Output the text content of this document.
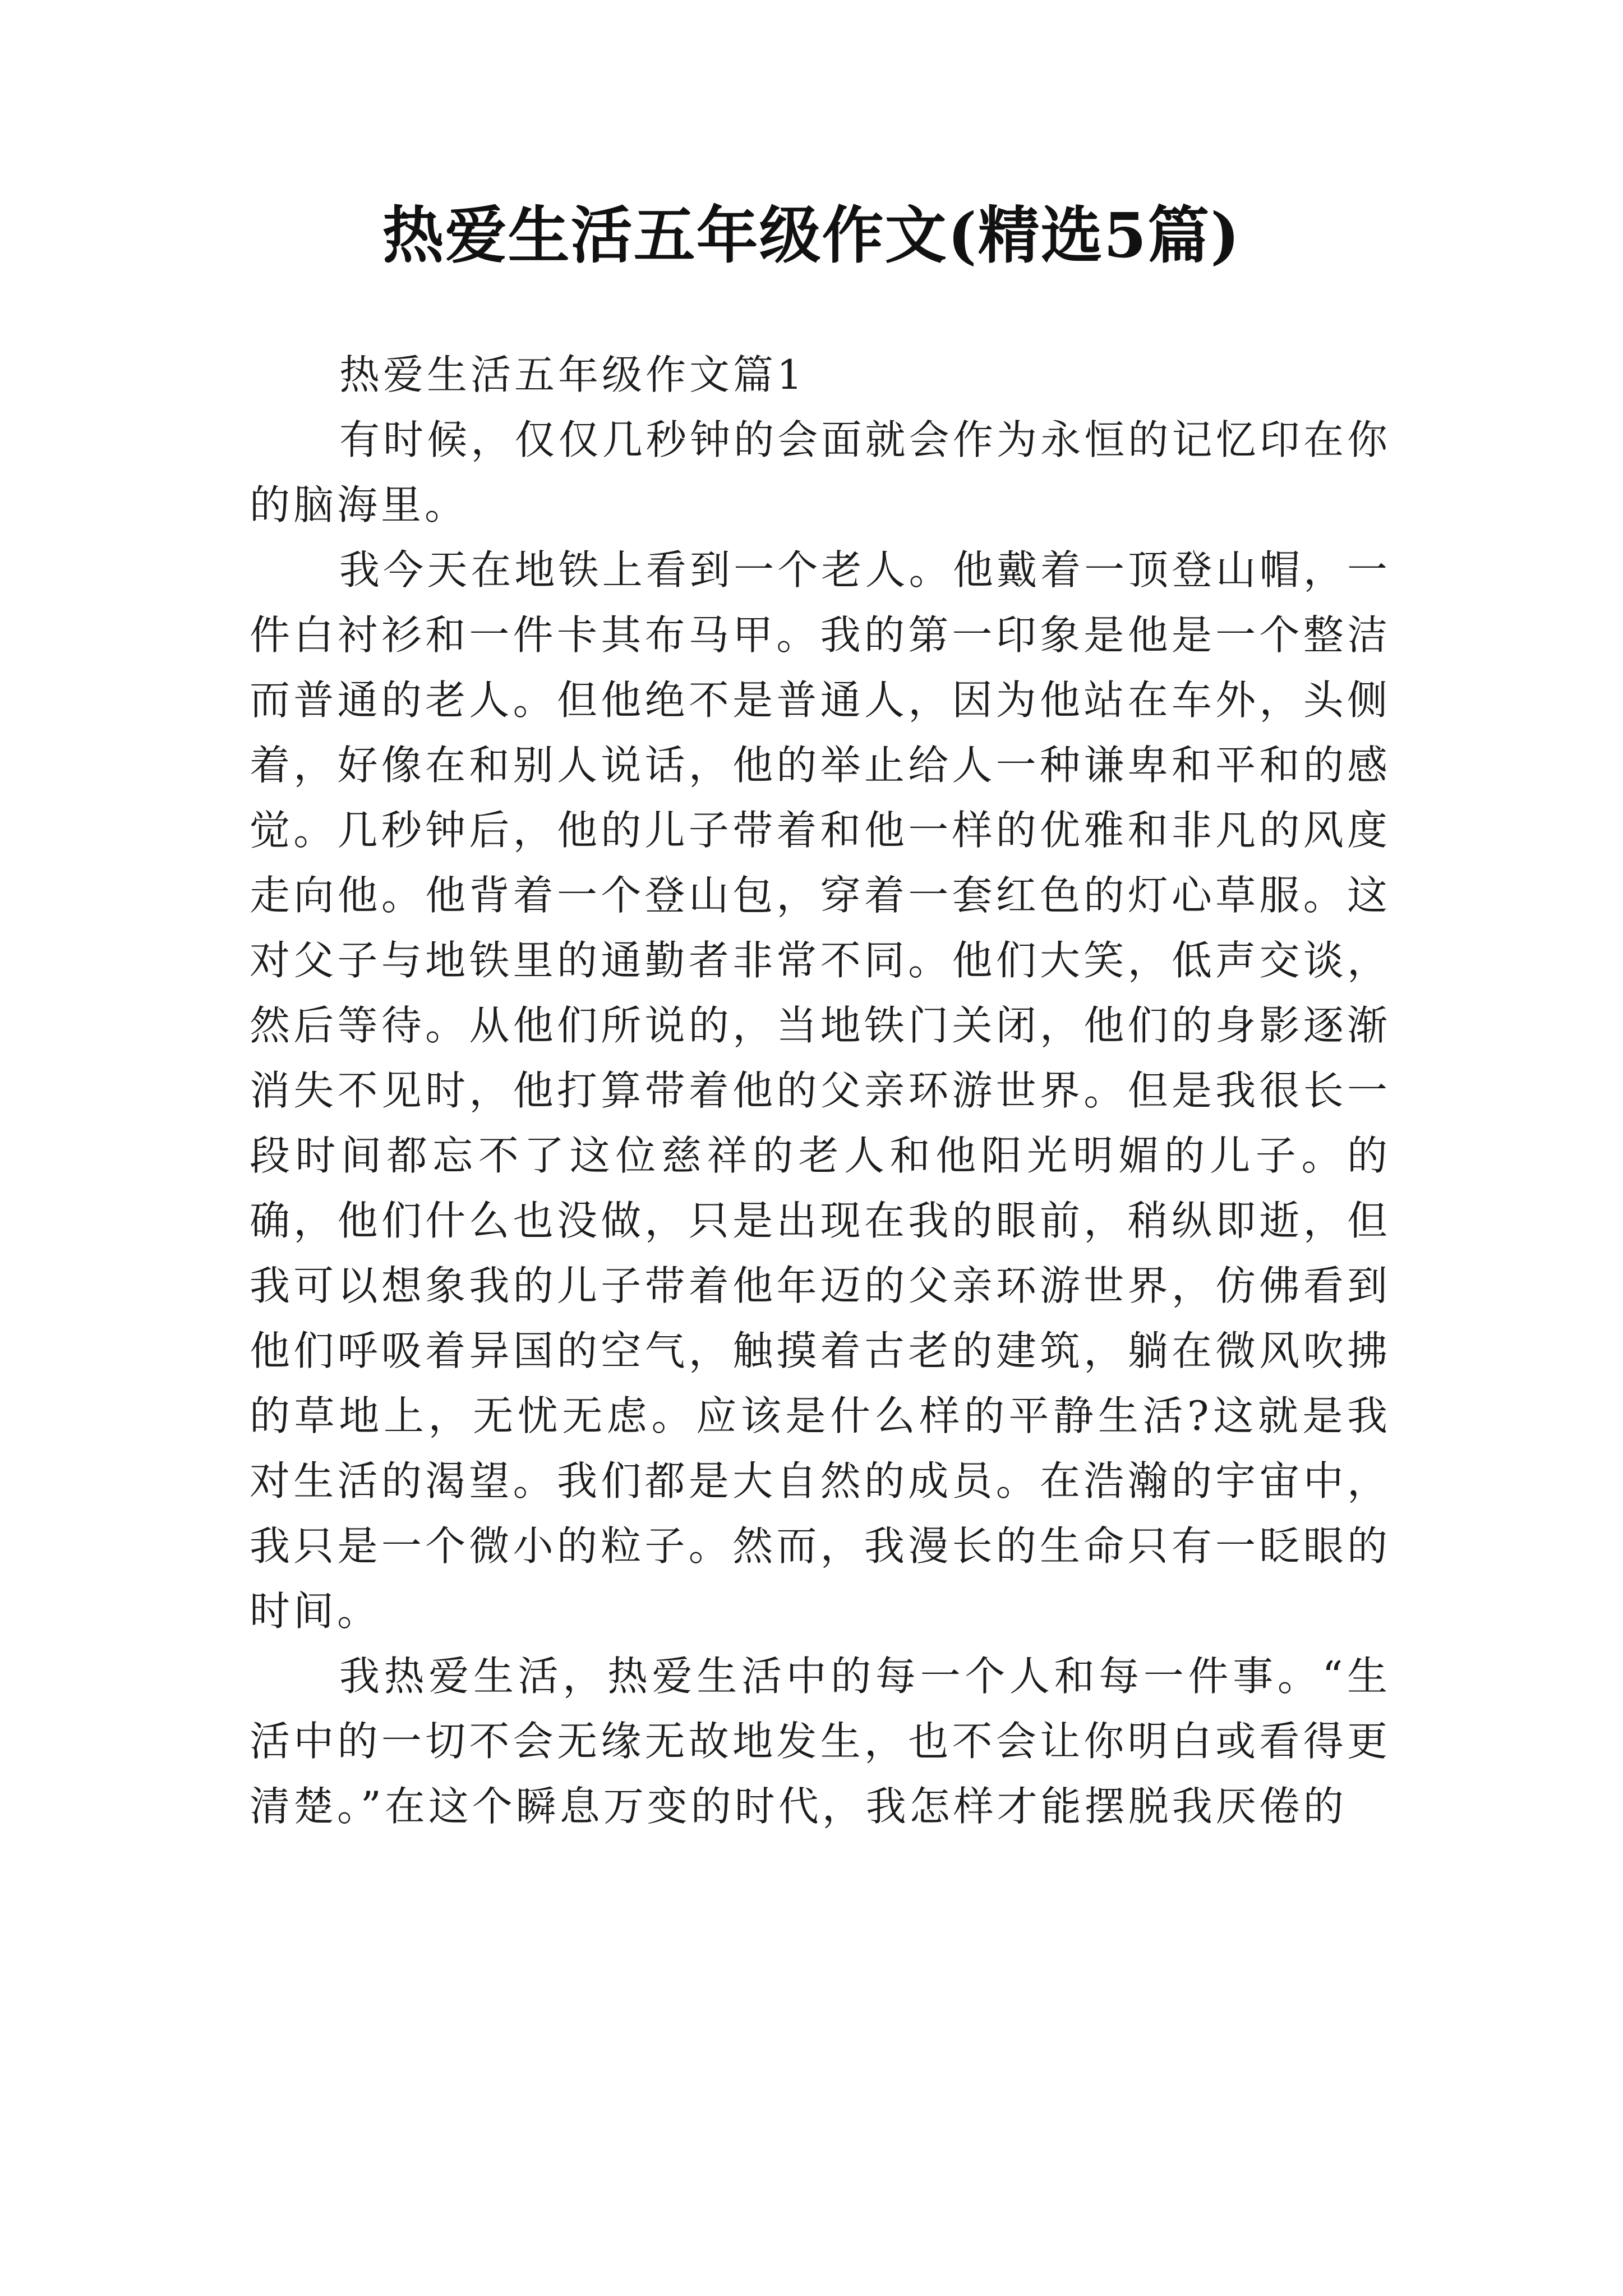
热爱生活五年级作文(精选5篇)

热爱生活五年级作文篇1

有时候，仅仅几秒钟的会面就会作为永恒的记忆印在你的脑海里。

我今天在地铁上看到一个老人。他戴着一顶登山帽，一件白衬衫和一件卡其布马甲。我的第一印象是他是一个整洁而普通的老人。但他绝不是普通人，因为他站在车外，头侧着，好像在和别人说话，他的举止给人一种谦卑和平和的感觉。几秒钟后，他的儿子带着和他一样的优雅和非凡的风度走向他。他背着一个登山包，穿着一套红色的灯心草服。这对父子与地铁里的通勤者非常不同。他们大笑，低声交谈，然后等待。从他们所说的，当地铁门关闭，他们的身影逐渐消失不见时，他打算带着他的父亲环游世界。但是我很长一段时间都忘不了这位慈祥的老人和他阳光明媚的儿子。的确，他们什么也没做，只是出现在我的眼前，稍纵即逝，但我可以想象我的儿子带着他年迈的父亲环游世界，仿佛看到他们呼吸着异国的空气，触摸着古老的建筑，躺在微风吹拂的草地上，无忧无虑。应该是什么样的平静生活?这就是我对生活的渴望。我们都是大自然的成员。在浩瀚的宇宙中，我只是一个微小的粒子。然而，我漫长的生命只有一眨眼的时间。

我热爱生活，热爱生活中的每一个人和每一件事。“生活中的一切不会无缘无故地发生，也不会让你明白或看得更清楚。”在这个瞬息万变的时代，我怎样才能摆脱我厌倦的
